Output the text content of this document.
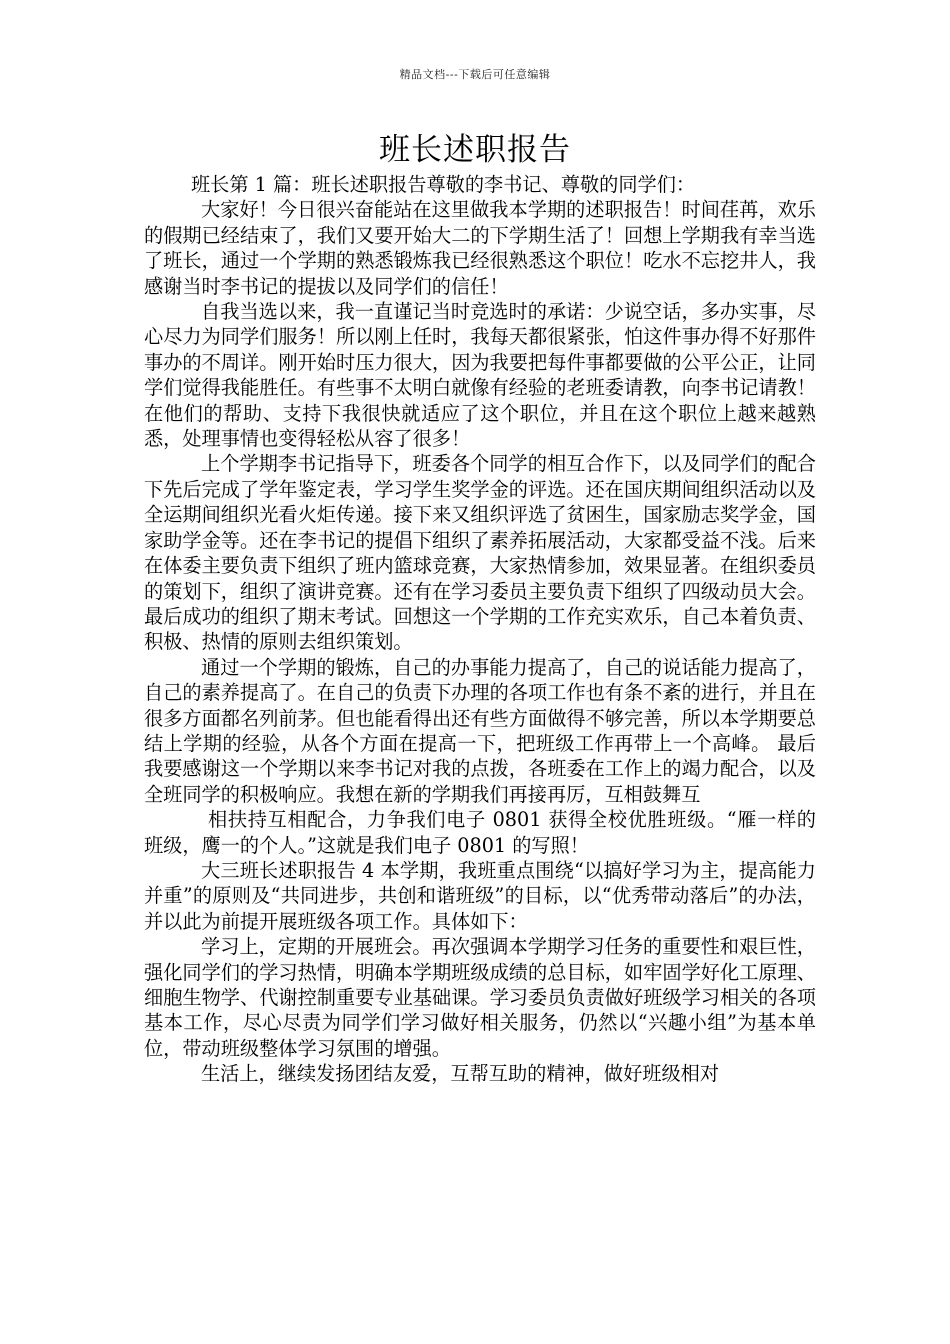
精品文档---下载后可任意编辑
班长述职报告

班长第 1 篇：班长述职报告尊敬的李书记、尊敬的同学们：

大家好！今日很兴奋能站在这里做我本学期的述职报告！时间荏苒，欢乐的假期已经结束了，我们又要开始大二的下学期生活了！回想上学期我有幸当选了班长，通过一个学期的熟悉锻炼我已经很熟悉这个职位！吃水不忘挖井人，我感谢当时李书记的提拔以及同学们的信任！

自我当选以来，我一直谨记当时竞选时的承诺：少说空话，多办实事，尽心尽力为同学们服务！所以刚上任时，我每天都很紧张，怕这件事办得不好那件事办的不周详。刚开始时压力很大，因为我要把每件事都要做的公平公正，让同学们觉得我能胜任。有些事不太明白就像有经验的老班委请教，向李书记请教！在他们的帮助、支持下我很快就适应了这个职位，并且在这个职位上越来越熟悉，处理事情也变得轻松从容了很多！

上个学期李书记指导下，班委各个同学的相互合作下，以及同学们的配合下先后完成了学年鉴定表，学习学生奖学金的评选。还在国庆期间组织活动以及全运期间组织光看火炬传递。接下来又组织评选了贫困生，国家励志奖学金，国家助学金等。还在李书记的提倡下组织了素养拓展活动，大家都受益不浅。后来在体委主要负责下组织了班内篮球竞赛，大家热情参加，效果显著。在组织委员的策划下，组织了演讲竞赛。还有在学习委员主要负责下组织了四级动员大会。最后成功的组织了期末考试。回想这一个学期的工作充实欢乐，自己本着负责、积极、热情的原则去组织策划。

通过一个学期的锻炼，自己的办事能力提高了，自己的说话能力提高了，自己的素养提高了。在自己的负责下办理的各项工作也有条不紊的进行，并且在很多方面都名列前茅。但也能看得出还有些方面做得不够完善，所以本学期要总结上学期的经验，从各个方面在提高一下，把班级工作再带上一个高峰。 最后我要感谢这一个学期以来李书记对我的点拨，各班委在工作上的竭力配合，以及全班同学的积极响应。我想在新的学期我们再接再厉，互相鼓舞互

相扶持互相配合，力争我们电子 0801 获得全校优胜班级。“雁一样的班级，鹰一的个人。”这就是我们电子 0801 的写照！

大三班长述职报告 4 本学期，我班重点围绕“以搞好学习为主，提高能力并重”的原则及“共同进步，共创和谐班级”的目标，以“优秀带动落后”的办法，并以此为前提开展班级各项工作。具体如下：

学习上，定期的开展班会。再次强调本学期学习任务的重要性和艰巨性，强化同学们的学习热情，明确本学期班级成绩的总目标，如牢固学好化工原理、细胞生物学、代谢控制重要专业基础课。学习委员负责做好班级学习相关的各项基本工作，尽心尽责为同学们学习做好相关服务，仍然以“兴趣小组”为基本单位，带动班级整体学习氛围的增强。

生活上，继续发扬团结友爱，互帮互助的精神，做好班级相对
